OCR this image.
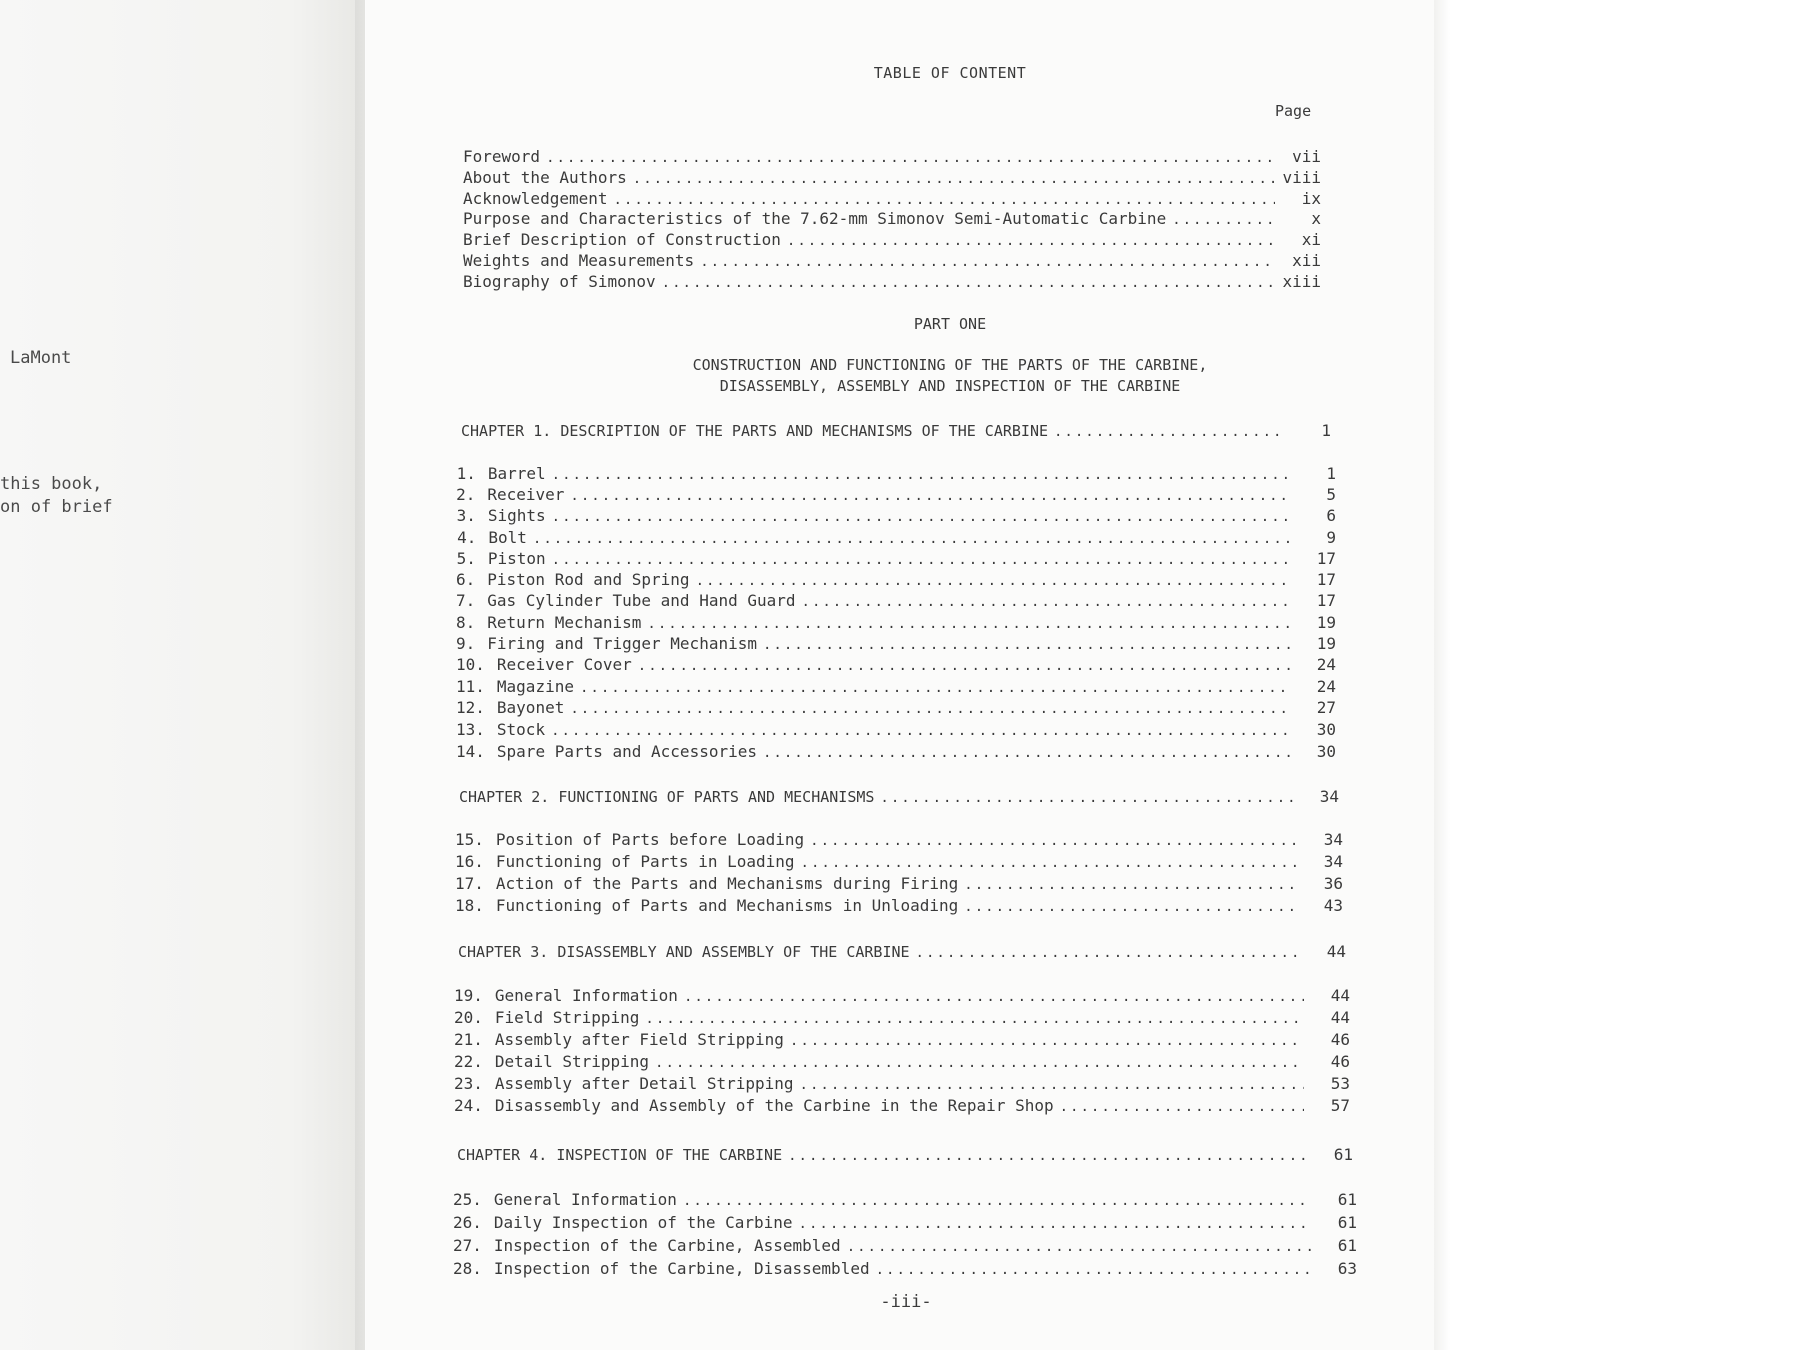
LaMont
this book,
on of brief
TABLE OF CONTENT
Page
Foreword .....	vii
About the Authors .....	viii
Acknowledgement .....	ix
Purpose and Characteristics of the 7.62-mm Simonov Semi-Automatic Carbine .....	x
Brief Description of Construction .....	xi
Weights and Measurements .....	xii
Biography of Simonov .....	xiii
PART ONE
CONSTRUCTION AND FUNCTIONING OF THE PARTS OF THE CARBINE,
DISASSEMBLY, ASSEMBLY AND INSPECTION OF THE CARBINE
CHAPTER 1. DESCRIPTION OF THE PARTS AND MECHANISMS OF THE CARBINE .....	1
1. Barrel .....	1
2. Receiver .....	5
3. Sights .....	6
4. Bolt .....	9
5. Piston .....	17
6. Piston Rod and Spring .....	17
7. Gas Cylinder Tube and Hand Guard .....	17
8. Return Mechanism .....	19
9. Firing and Trigger Mechanism .....	19
10. Receiver Cover .....	24
11. Magazine .....	24
12. Bayonet .....	27
13. Stock .....	30
14. Spare Parts and Accessories .....	30
CHAPTER 2. FUNCTIONING OF PARTS AND MECHANISMS .....	34
15. Position of Parts before Loading .....	34
16. Functioning of Parts in Loading .....	34
17. Action of the Parts and Mechanisms during Firing .....	36
18. Functioning of Parts and Mechanisms in Unloading .....	43
CHAPTER 3. DISASSEMBLY AND ASSEMBLY OF THE CARBINE .....	44
19. General Information .....	44
20. Field Stripping .....	44
21. Assembly after Field Stripping .....	46
22. Detail Stripping .....	46
23. Assembly after Detail Stripping .....	53
24. Disassembly and Assembly of the Carbine in the Repair Shop .....	57
CHAPTER 4. INSPECTION OF THE CARBINE .....	61
25. General Information .....	61
26. Daily Inspection of the Carbine .....	61
27. Inspection of the Carbine, Assembled .....	61
28. Inspection of the Carbine, Disassembled .....	63
-iii-
